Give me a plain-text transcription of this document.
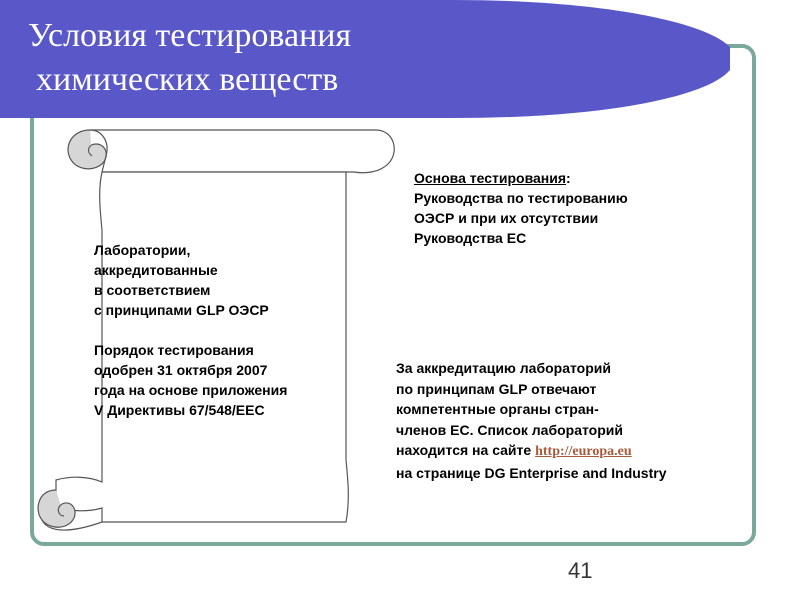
Условия тестирования
химических веществ
Лаборатории,
аккредитованные
в соответствием
с принципами GLP ОЭСР
Порядок тестирования
одобрен 31 октября 2007
года на основе приложения
V Директивы 67/548/ЕЕС
Основа тестирования:
Руководства по тестированию
ОЭСР и при их отсутствии
Руководства ЕС
За аккредитацию лабораторий
по принципам GLP отвечают
компетентные органы стран-
членов ЕС. Список лабораторий
находится на сайте http://europa.eu
на странице DG Enterprise and Industry
41
